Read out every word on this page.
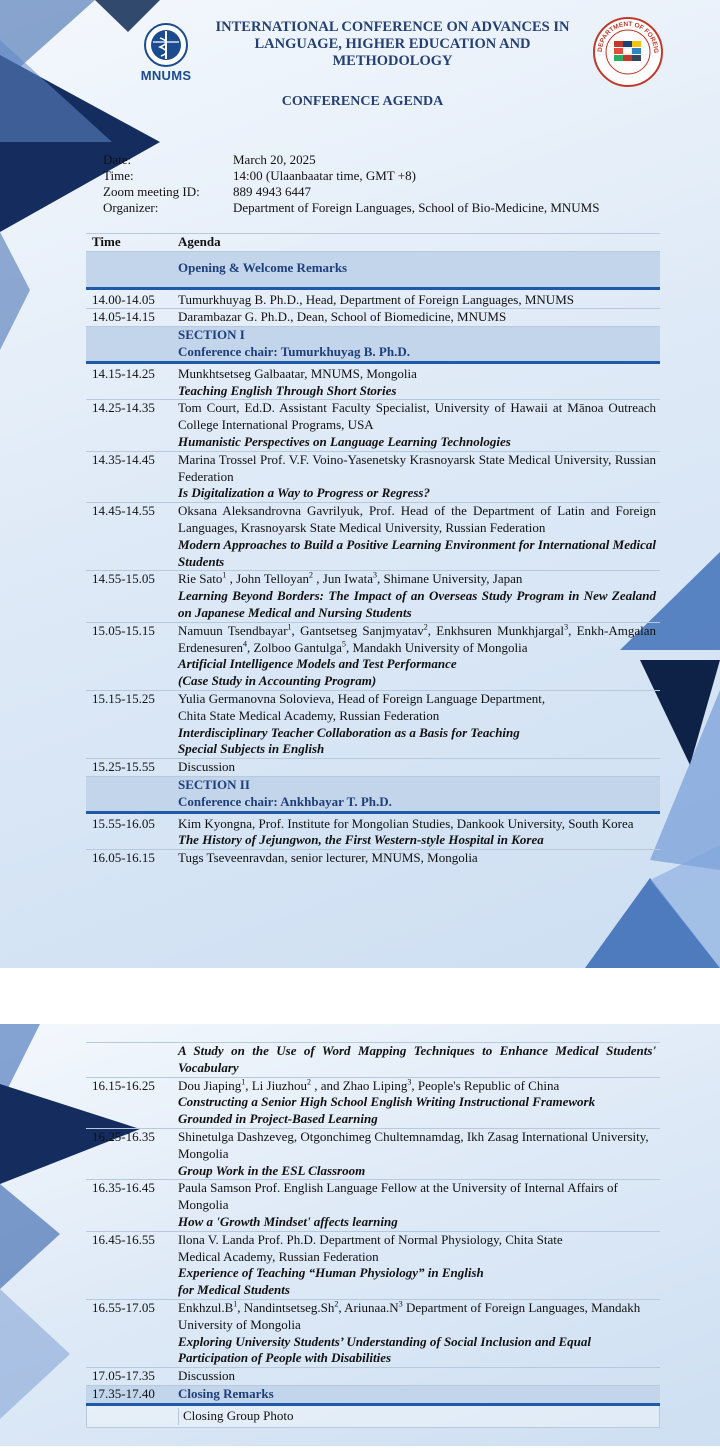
MNUMS
INTERNATIONAL CONFERENCE ON ADVANCES IN LANGUAGE, HIGHER EDUCATION AND METHODOLOGY
DEPARTMENT OF FOREIG
CONFERENCE AGENDA
Date:	March 20, 2025
Time:	14:00 (Ulaanbaatar time, GMT +8)
Zoom meeting ID:	889 4943 6447
Organizer:	Department of Foreign Languages, School of Bio-Medicine, MNUMS
Time	Agenda
Opening & Welcome Remarks
14.00-14.05	Tumurkhuyag B. Ph.D., Head, Department of Foreign Languages, MNUMS
14.05-14.15	Darambazar G. Ph.D., Dean, School of Biomedicine, MNUMS
SECTION I
Conference chair: Tumurkhuyag B. Ph.D.
14.15-14.25	Munkhtsetseg Galbaatar, MNUMS, Mongolia
Teaching English Through Short Stories
14.25-14.35	Tom Court, Ed.D. Assistant Faculty Specialist, University of Hawaii at Mānoa Outreach College International Programs, USA
Humanistic Perspectives on Language Learning Technologies
14.35-14.45	Marina Trossel Prof. V.F. Voino-Yasenetsky Krasnoyarsk State Medical University, Russian Federation
Is Digitalization a Way to Progress or Regress?
14.45-14.55	Oksana Aleksandrovna Gavrilyuk, Prof. Head of the Department of Latin and Foreign Languages, Krasnoyarsk State Medical University, Russian Federation
Modern Approaches to Build a Positive Learning Environment for International Medical Students
14.55-15.05	Rie Sato$^1$ , John Telloyan$^2$ , Jun Iwata$^3$, Shimane University, Japan
Learning Beyond Borders: The Impact of an Overseas Study Program in New Zealand on Japanese Medical and Nursing Students
15.05-15.15	Namuun Tsendbayar$^1$, Gantsetseg Sanjmyatav$^2$, Enkhsuren Munkhjargal$^3$, Enkh-Amgalan Erdenesuren$^4$, Zolboo Gantulga$^5$, Mandakh University of Mongolia
Artificial Intelligence Models and Test Performance
(Case Study in Accounting Program)
15.15-15.25	Yulia Germanovna Solovieva, Head of Foreign Language Department,
Chita State Medical Academy, Russian Federation
Interdisciplinary Teacher Collaboration as a Basis for Teaching
Special Subjects in English
15.25-15.55	Discussion
SECTION II
Conference chair: Ankhbayar T. Ph.D.
15.55-16.05	Kim Kyongna, Prof. Institute for Mongolian Studies, Dankook University, South Korea
The History of Jejungwon, the First Western-style Hospital in Korea
16.05-16.15	Tugs Tseveenravdan, senior lecturer, MNUMS, Mongolia
A Study on the Use of Word Mapping Techniques to Enhance Medical Students' Vocabulary
16.15-16.25	Dou Jiaping$^1$, Li Jiuzhou$^2$ , and Zhao Liping$^3$, People's Republic of China
Constructing a Senior High School English Writing Instructional Framework
Grounded in Project-Based Learning
16.25-16.35	Shinetulga Dashzeveg, Otgonchimeg Chultemnamdag, Ikh Zasag International University, Mongolia
Group Work in the ESL Classroom
16.35-16.45	Paula Samson Prof. English Language Fellow at the University of Internal Affairs of Mongolia
How a 'Growth Mindset' affects learning
16.45-16.55	Ilona V. Landa Prof. Ph.D. Department of Normal Physiology, Chita State
Medical Academy, Russian Federation
Experience of Teaching “Human Physiology” in English
for Medical Students
16.55-17.05	$Enkhzul.B^1$, Nandintsetseg.Sh$^2$, $Ariunaa.N^3$ Department of Foreign Languages, Mandakh University of Mongolia
Exploring University Students’ Understanding of Social Inclusion and Equal Participation of People with Disabilities
17.05-17.35	Discussion
17.35-17.40	Closing Remarks
Closing Group Photo
